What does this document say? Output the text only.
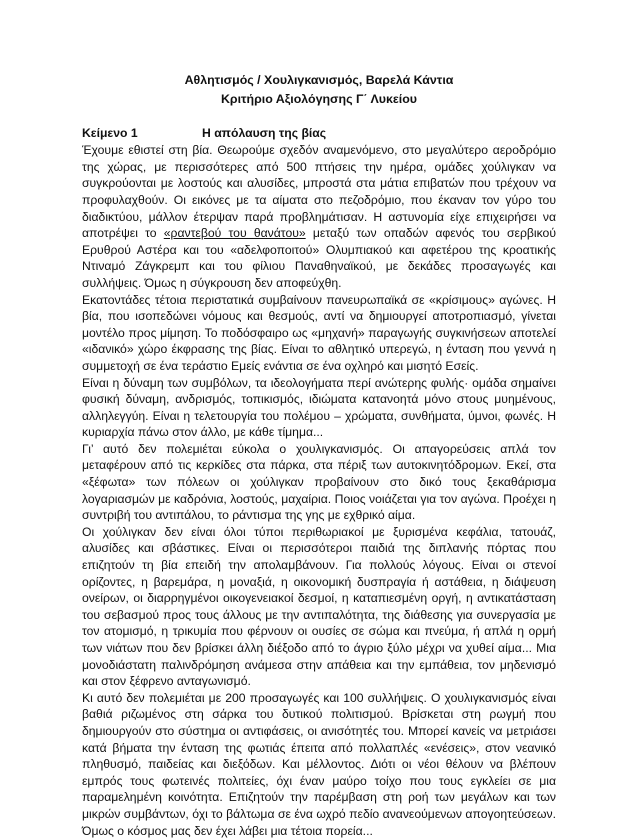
Αθλητισμός / Χουλιγκανισμός, Βαρελά Κάντια

Κριτήριο Αξιολόγησης Γ΄ Λυκείου

Κείμενο 1	Η απόλαυση της βίας

Έχουμε εθιστεί στη βία. Θεωρούμε σχεδόν αναμενόμενο, στο μεγαλύτερο αεροδρόμιο της χώρας, με περισσότερες από 500 πτήσεις την ημέρα, ομάδες χούλιγκαν να συγκρούονται με λοστούς και αλυσίδες, μπροστά στα μάτια επιβατών που τρέχουν να προφυλαχθούν. Οι εικόνες με τα αίματα στο πεζοδρόμιο, που έκαναν τον γύρο του διαδικτύου, μάλλον έτερψαν παρά προβλημάτισαν. Η αστυνομία είχε επιχειρήσει να αποτρέψει το «ραντεβού του θανάτου» μεταξύ των οπαδών αφενός του σερβικού Ερυθρού Αστέρα και του «αδελφοποιτού» Ολυμπιακού και αφετέρου της κροατικής Ντιναμό Ζάγκρεμπ και του φίλιου Παναθηναϊκού, με δεκάδες προσαγωγές και συλλήψεις. Όμως η σύγκρουση δεν αποφεύχθη.

Εκατοντάδες τέτοια περιστατικά συμβαίνουν πανευρωπαϊκά σε «κρίσιμους» αγώνες. Η βία, που ισοπεδώνει νόμους και θεσμούς, αντί να δημιουργεί αποτροπιασμό, γίνεται μοντέλο προς μίμηση. Το ποδόσφαιρο ως «μηχανή» παραγωγής συγκινήσεων αποτελεί «ιδανικό» χώρο έκφρασης της βίας. Είναι το αθλητικό υπερεγώ, η ένταση που γεννά η συμμετοχή σε ένα τεράστιο Εμείς ενάντια σε ένα οχληρό και μισητό Εσείς.

Είναι η δύναμη των συμβόλων, τα ιδεολογήματα περί ανώτερης φυλής· ομάδα σημαίνει φυσική δύναμη, ανδρισμός, τοπικισμός, ιδιώματα κατανοητά μόνο στους μυημένους, αλληλεγγύη. Είναι η τελετουργία του πολέμου – χρώματα, συνθήματα, ύμνοι, φωνές. Η κυριαρχία πάνω στον άλλο, με κάθε τίμημα...

Γι’ αυτό δεν πολεμιέται εύκολα ο χουλιγκανισμός. Οι απαγορεύσεις απλά τον μεταφέρουν από τις κερκίδες στα πάρκα, στα πέριξ των αυτοκινητόδρομων. Εκεί, στα «ξέφωτα» των πόλεων οι χούλιγκαν προβαίνουν στο δικό τους ξεκαθάρισμα λογαριασμών με καδρόνια, λοστούς, μαχαίρια. Ποιος νοιάζεται για τον αγώνα. Προέχει η συντριβή του αντιπάλου, το ράντισμα της γης με εχθρικό αίμα.

Οι χούλιγκαν δεν είναι όλοι τύποι περιθωριακοί με ξυρισμένα κεφάλια, τατουάζ, αλυσίδες και σβάστικες. Είναι οι περισσότεροι παιδιά της διπλανής πόρτας που επιζητούν τη βία επειδή την απολαμβάνουν. Για πολλούς λόγους. Είναι οι στενοί ορίζοντες, η βαρεμάρα, η μοναξιά, η οικονομική δυσπραγία ή αστάθεια, η διάψευση ονείρων, οι διαρρηγμένοι οικογενειακοί δεσμοί, η καταπιεσμένη οργή, η αντικατάσταση του σεβασμού προς τους άλλους με την αντιπαλότητα, της διάθεσης για συνεργασία με τον ατομισμό, η τρικυμία που φέρνουν οι ουσίες σε σώμα και πνεύμα, ή απλά η ορμή των νιάτων που δεν βρίσκει άλλη διέξοδο από το άγριο ξύλο μέχρι να χυθεί αίμα... Μια μονοδιάστατη παλινδρόμηση ανάμεσα στην απάθεια και την εμπάθεια, τον μηδενισμό και στον ξέφρενο ανταγωνισμό.

Κι αυτό δεν πολεμιέται με 200 προσαγωγές και 100 συλλήψεις. Ο χουλιγκανισμός είναι βαθιά ριζωμένος στη σάρκα του δυτικού πολιτισμού. Βρίσκεται στη ρωγμή που δημιουργούν στο σύστημα οι αντιφάσεις, οι ανισότητές του. Μπορεί κανείς να μετριάσει κατά βήματα την ένταση της φωτιάς έπειτα από πολλαπλές «ενέσεις», στον νεανικό πληθυσμό, παιδείας και διεξόδων. Και μέλλοντος. Διότι οι νέοι θέλουν να βλέπουν εμπρός τους φωτεινές πολιτείες, όχι έναν μαύρο τοίχο που τους εγκλείει σε μια παραμελημένη κοινότητα. Επιζητούν την παρέμβαση στη ροή των μεγάλων και των μικρών συμβάντων, όχι το βάλτωμα σε ένα ωχρό πεδίο ανανεούμενων απογοητεύσεων. Όμως ο κόσμος μας δεν έχει λάβει μια τέτοια πορεία...
